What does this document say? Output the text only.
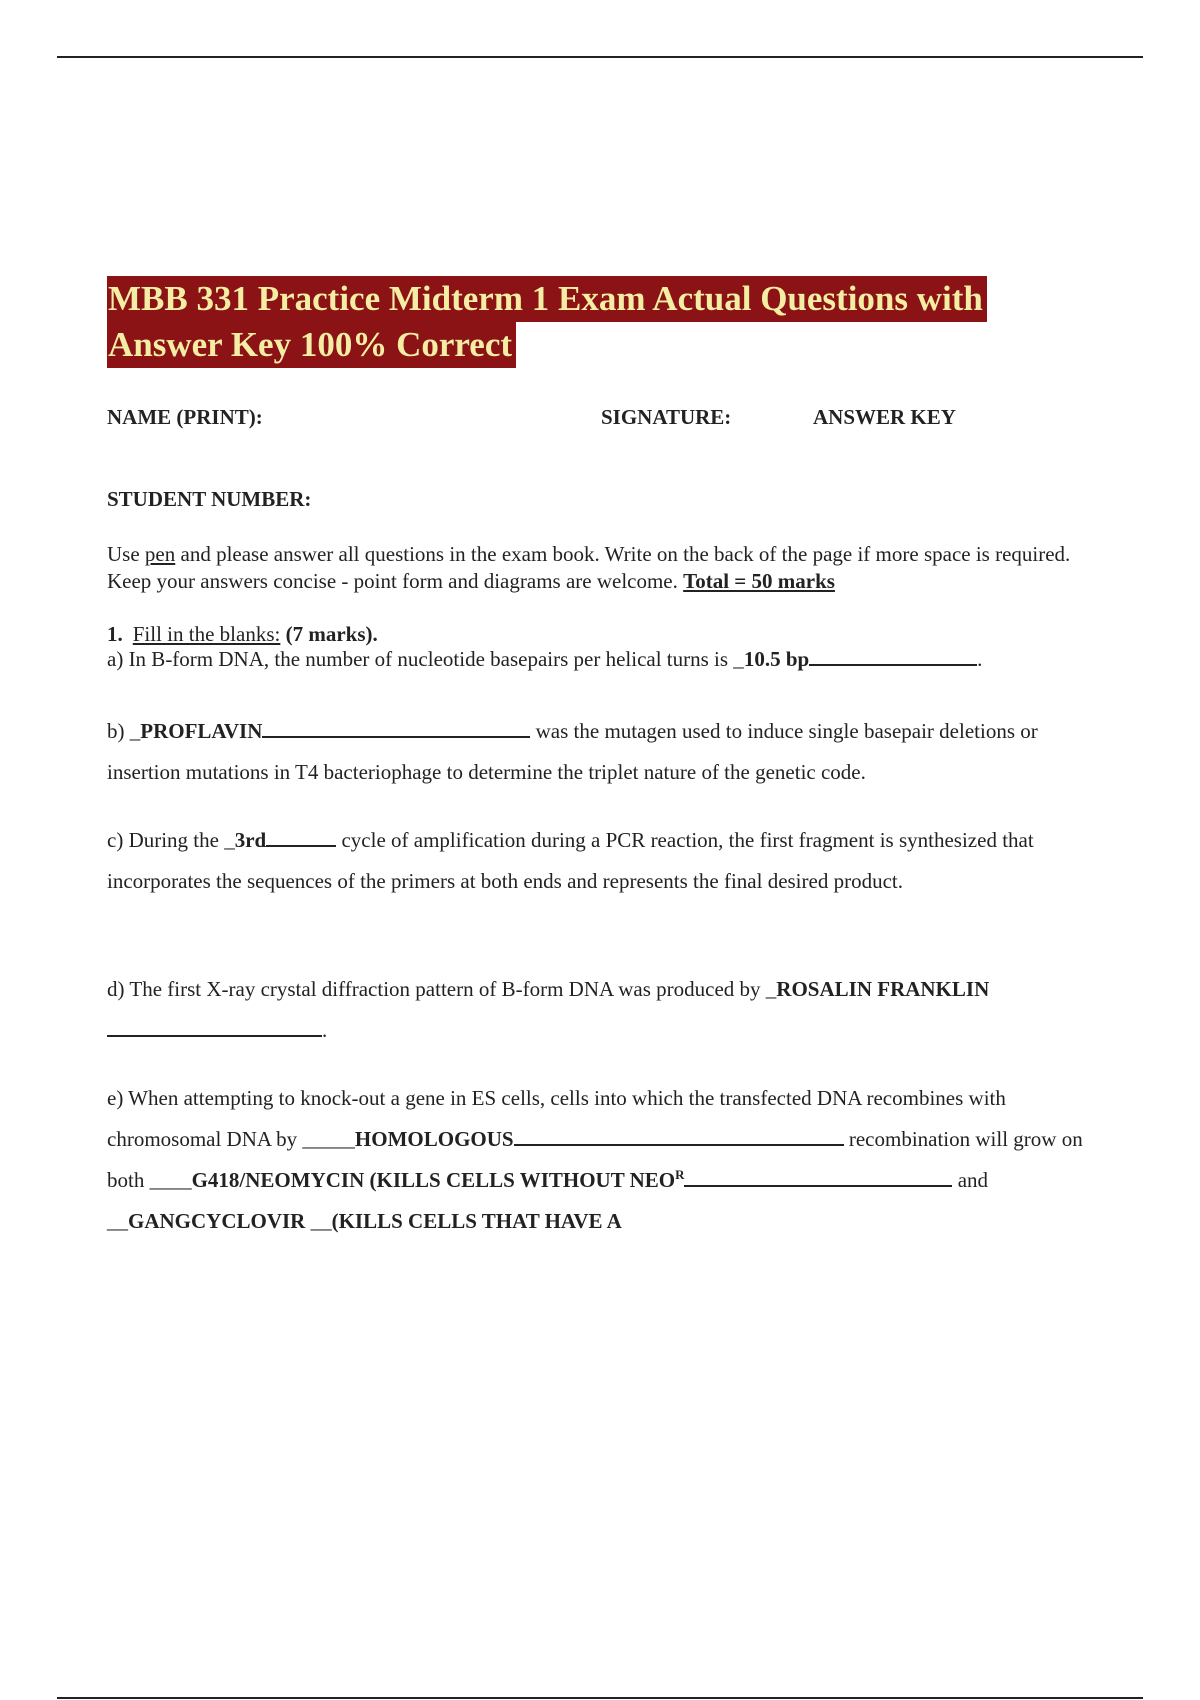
MBB 331 Practice Midterm 1 Exam Actual Questions with
Answer Key 100% Correct
NAME (PRINT):	SIGNATURE:	ANSWER KEY
STUDENT NUMBER:
Use pen and please answer all questions in the exam book. Write on the back of the page if more space is required. Keep your answers concise - point form and diagrams are welcome. Total = 50 marks
1. Fill in the blanks: (7 marks).
a) In B-form DNA, the number of nucleotide basepairs per helical turns is _10.5 bp	.
b) _PROFLAVIN	was the mutagen used to induce single basepair deletions or insertion mutations in T4 bacteriophage to determine the triplet nature of the genetic code.
c) During the _3rd	cycle of amplification during a PCR reaction, the first fragment is synthesized that incorporates the sequences of the primers at both ends and represents the final desired product.
d) The first X-ray crystal diffraction pattern of B-form DNA was produced by _ROSALIN FRANKLIN.
e) When attempting to knock-out a gene in ES cells, cells into which the transfected DNA recombines with chromosomal DNA by _____HOMOLOGOUS	recombination will grow on both ____G418/NEOMYCIN (KILLS CELLS WITHOUT $NEO^R$	and __GANGCYCLOVIR __(KILLS CELLS THAT HAVE A
